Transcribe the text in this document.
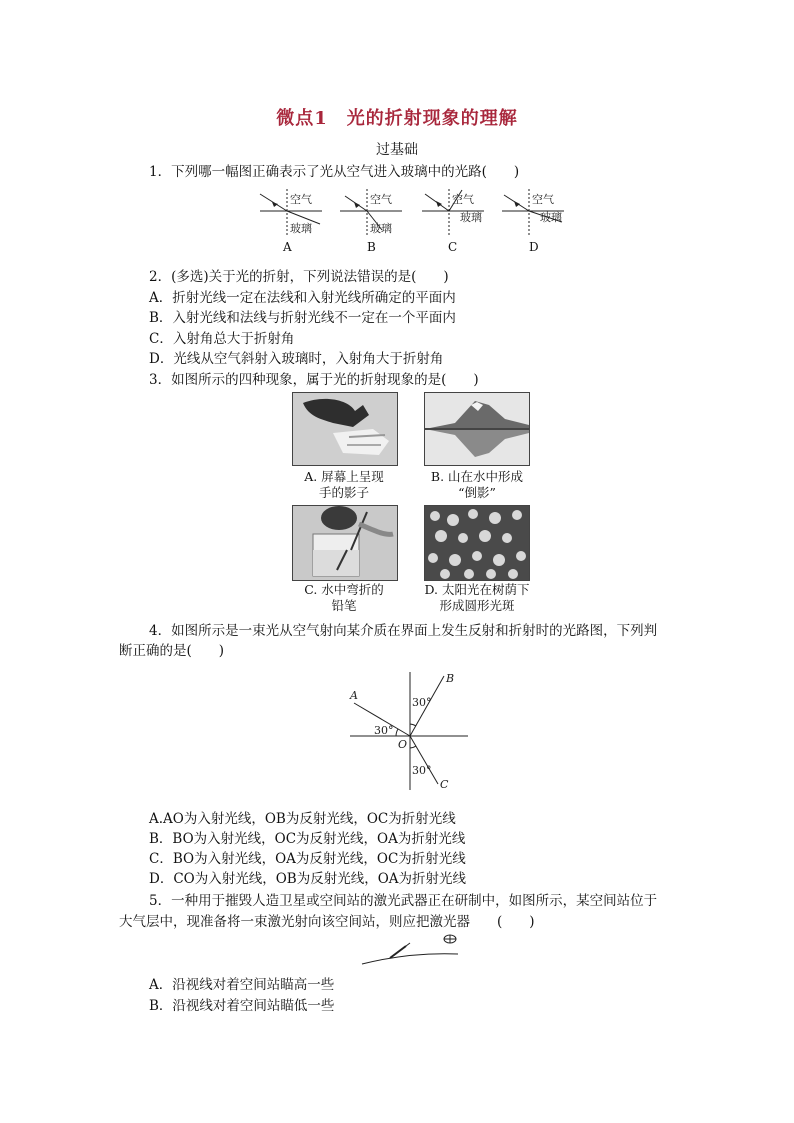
微点1　光的折射现象的理解
过基础
1．下列哪一幅图正确表示了光从空气进入玻璃中的光路(　　)
空气
玻璃
空气
玻璃
空气
玻璃
空气
玻璃
A	B	C	D
2．(多选)关于光的折射，下列说法错误的是(　　)
A．折射光线一定在法线和入射光线所确定的平面内
B．入射光线和法线与折射光线不一定在一个平面内
C．入射角总大于折射角
D．光线从空气斜射入玻璃时，入射角大于折射角
3．如图所示的四种现象，属于光的折射现象的是(　　)
A. 屏幕上呈现
手的影子
B. 山在水中形成
“倒影”
C. 水中弯折的
铅笔
D. 太阳光在树荫下
形成圆形光斑
4．如图所示是一束光从空气射向某介质在界面上发生反射和折射时的光路图，下列判
断正确的是(　　)
A
B
C
O
30°
30°
30°
A.AO为入射光线，OB为反射光线，OC为折射光线
B．BO为入射光线，OC为反射光线，OA为折射光线
C．BO为入射光线，OA为反射光线，OC为折射光线
D．CO为入射光线，OB为反射光线，OA为折射光线
5．一种用于摧毁人造卫星或空间站的激光武器正在研制中，如图所示，某空间站位于
大气层中，现准备将一束激光射向该空间站，则应把激光器　　(　　)
A．沿视线对着空间站瞄高一些
B．沿视线对着空间站瞄低一些
